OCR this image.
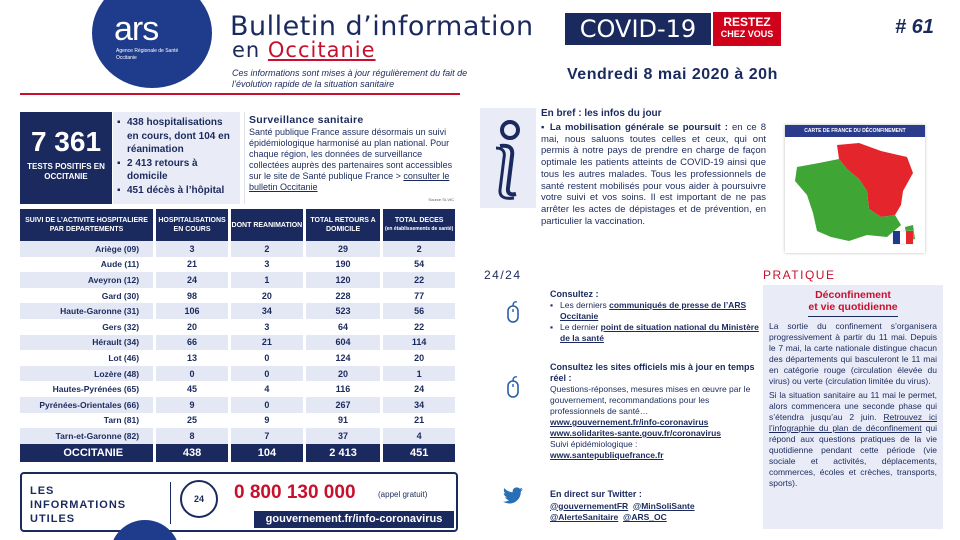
ars
Agence Régionale de Santé Occitanie
Bulletin d’information	COVID-19	RESTEZ
CHEZ VOUS	# 61
en Occitanie
Ces informations sont mises à jour régulièrement du fait de l’évolution rapide de la situation sanitaire
Vendredi 8 mai 2020 à 20h
7 361
TESTS POSITIFS EN OCCITANIE
▪ 438 hospitalisations en cours, dont 104 en réanimation
▪ 2 413 retours à domicile
▪ 451 décès à l’hôpital
Surveillance sanitaire
Santé publique France assure désormais un suivi épidémiologique harmonisé au plan national. Pour chaque région, les données de surveillance collectées auprès des partenaires sont accessibles sur le site de Santé publique France > consulter le bulletin Occitanie
Source SI-VIC
SUIVI DE L’ACTIVITE HOSPITALIERE PAR DEPARTEMENTS	HOSPITALISATIONS EN COURS	DONT REANIMATION	TOTAL RETOURS A DOMICILE	TOTAL DECES
(en établissements de santé)

Ariège (09)	3	2	29	2
Aude (11)	21	3	190	54
Aveyron (12)	24	1	120	22
Gard (30)	98	20	228	77
Haute-Garonne (31)	106	34	523	56
Gers (32)	20	3	64	22
Hérault (34)	66	21	604	114
Lot (46)	13	0	124	20
Lozère (48)	0	0	20	1
Hautes-Pyrénées (65)	45	4	116	24
Pyrénées-Orientales (66)	9	0	267	34
Tarn (81)	25	9	91	21
Tarn-et-Garonne (82)	8	7	37	4
OCCITANIE	438	104	2 413	451
LES INFORMATIONS UTILES
24	0 800 130 000	(appel gratuit)
gouvernement.fr/info-coronavirus
En bref : les infos du jour
▪ La mobilisation générale se poursuit : en ce 8 mai, nous saluons toutes celles et ceux, qui ont permis à notre pays de prendre en charge de façon optimale les patients atteints de COVID-19 ainsi que tous les autres malades. Tous les professionnels de santé restent mobilisés pour vous aider à poursuivre votre suivi et vos soins. Il est important de ne pas arrêter les actes de dépistages et de prévention, en particulier la vaccination.
24/24
Consultez :
▪ Les derniers communiqués de presse de l’ARS Occitanie
▪ Le dernier point de situation national du Ministère de la santé
Consultez les sites officiels mis à jour en temps réel :
Questions-réponses, mesures mises en œuvre par le gouvernement, recommandations pour les professionnels de santé…
www.gouvernement.fr/info-coronavirus
www.solidarites-sante.gouv.fr/coronavirus
Suivi épidémiologique :
www.santepubliquefrance.fr
En direct sur Twitter :
@gouvernementFR @MinSoliSante
@AlerteSanitaire @ARS_OC
CARTE DE FRANCE DU DÉCONFINEMENT
PRATIQUE
Déconfinement
et vie quotidienne

La sortie du confinement s’organisera progressivement à partir du 11 mai. Depuis le 7 mai, la carte nationale distingue chacun des départements qui basculeront le 11 mai en catégorie rouge (circulation élevée du virus) ou verte (circulation limitée du virus).

Si la situation sanitaire au 11 mai le permet, alors commencera une seconde phase qui s’étendra jusqu’au 2 juin. Retrouvez ici l’infographie du plan de déconfinement qui répond aux questions pratiques de la vie quotidienne pendant cette période (vie sociale et activités, déplacements, commerces, écoles et crèches, transports, sports).
